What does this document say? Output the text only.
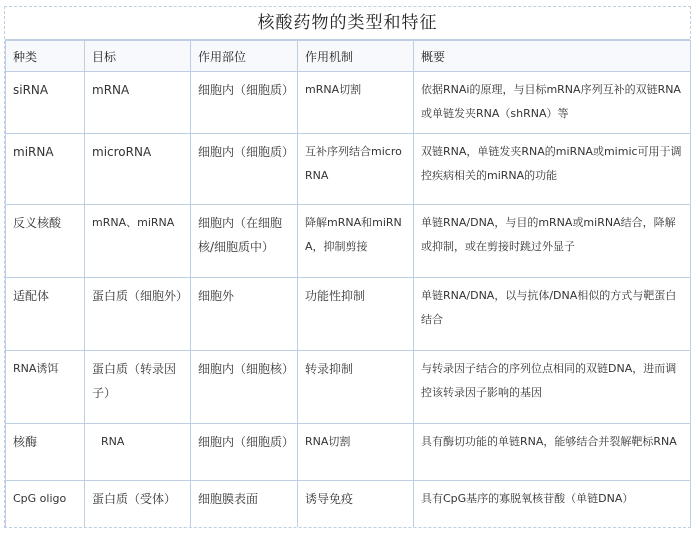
核酸药物的类型和特征
种类	目标	作用部位	作用机制	概要
siRNA	mRNA	细胞内（细胞质）	mRNA切割	依据RNAi的原理，与目标mRNA序列互补的双链RNA或单链发夹RNA（shRNA）等
miRNA	microRNA	细胞内（细胞质）	互补序列结合microRNA	双链RNA，单链发夹RNA的miRNA或mimic可用于调控疾病相关的miRNA的功能
反义核酸	mRNA、miRNA	细胞内（在细胞核/细胞质中）	降解mRNA和miRNA，抑制剪接	单链RNA/DNA，与目的mRNA或miRNA结合，降解或抑制，或在剪接时跳过外显子
适配体	蛋白质（细胞外）	细胞外	功能性抑制	单链RNA/DNA，以与抗体/DNA相似的方式与靶蛋白结合
RNA诱饵	蛋白质（转录因子）	细胞内（细胞核）	转录抑制	与转录因子结合的序列位点相同的双链DNA，进而调控该转录因子影响的基因
核酶	RNA	细胞内（细胞质）	RNA切割	具有酶切功能的单链RNA，能够结合并裂解靶标RNA
CpG oligo	蛋白质（受体）	细胞膜表面	诱导免疫	具有CpG基序的寡脱氧核苷酸（单链DNA）
